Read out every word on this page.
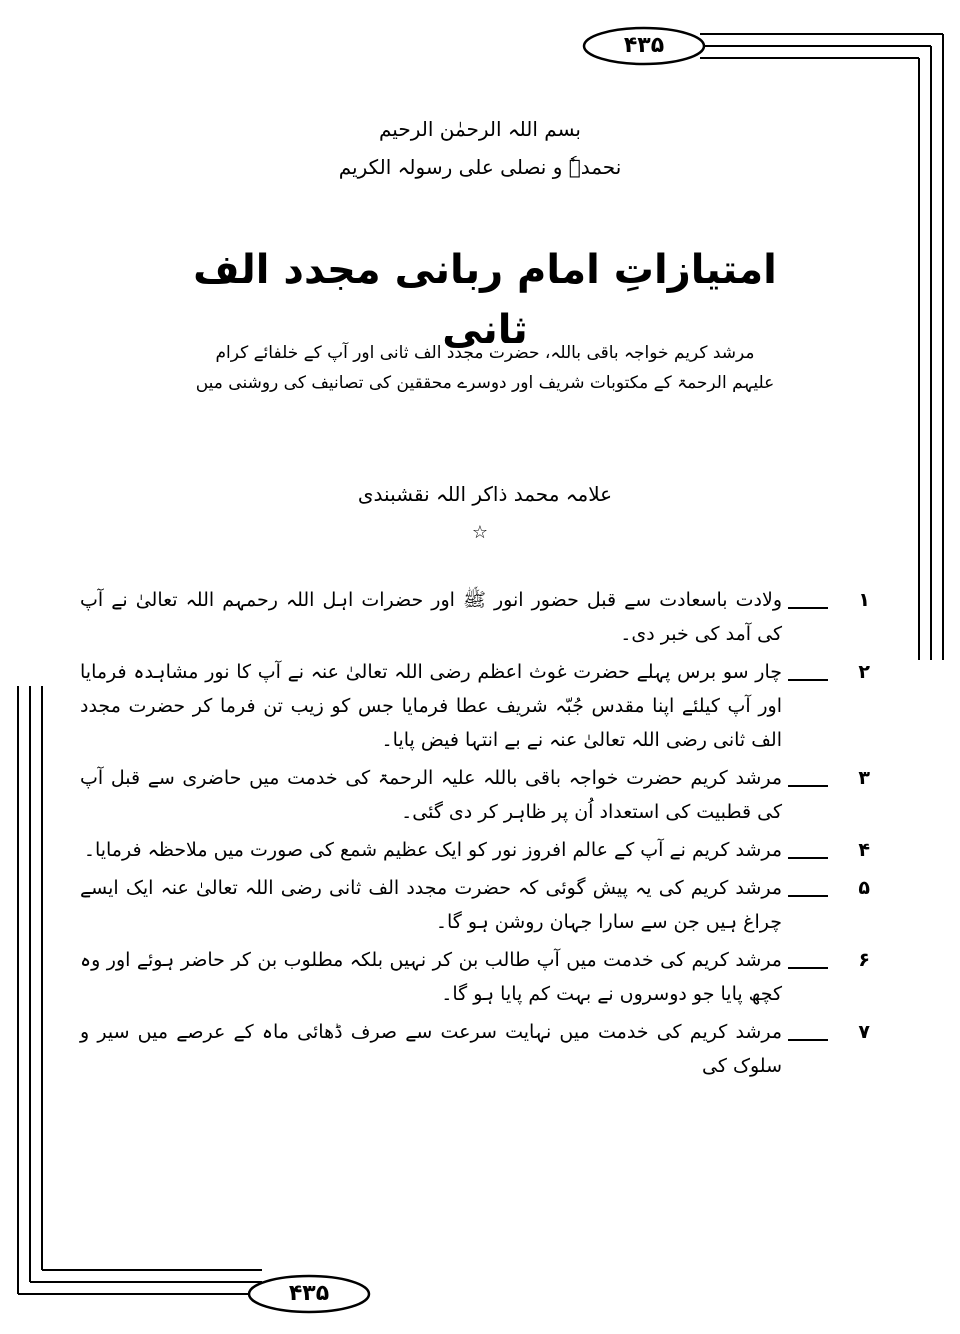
۴۳۵
۴۳۵
بسم اللہ الرحمٰن الرحیم
نحمدہٗ و نصلی علی رسولہ الکریم
امتیازاتِ امام ربانی مجدد الف ثانی
مرشد کریم خواجہ باقی باللہ، حضرت مجدد الف ثانی اور آپ کے خلفائے کرام
علیہم الرحمۃ کے مکتوبات شریف اور دوسرے محققین کی تصانیف کی روشنی میں
علامہ محمد ذاکر اللہ نقشبندی
☆
۱
ولادت باسعادت سے قبل حضور انور ﷺ اور حضرات اہل اللہ رحمہم اللہ تعالیٰ نے آپ کی آمد کی خبر دی۔
۲
چار سو برس پہلے حضرت غوث اعظم رضی اللہ تعالیٰ عنہ نے آپ کا نور مشاہدہ فرمایا اور آپ کیلئے اپنا مقدس جُبّہ شریف عطا فرمایا جس کو زیب تن فرما کر حضرت مجدد الف ثانی رضی اللہ تعالیٰ عنہ نے بے انتہا فیض پایا۔
۳
مرشد کریم حضرت خواجہ باقی باللہ علیہ الرحمۃ کی خدمت میں حاضری سے قبل آپ کی قطبیت کی استعداد اُن پر ظاہر کر دی گئی۔
۴
مرشد کریم نے آپ کے عالم افروز نور کو ایک عظیم شمع کی صورت میں ملاحظہ فرمایا۔
۵
مرشد کریم کی یہ پیش گوئی کہ حضرت مجدد الف ثانی رضی اللہ تعالیٰ عنہ ایک ایسے چراغ ہیں جن سے سارا جہان روشن ہو گا۔
۶
مرشد کریم کی خدمت میں آپ طالب بن کر نہیں بلکہ مطلوب بن کر حاضر ہوئے اور وہ کچھ پایا جو دوسروں نے بہت کم پایا ہو گا۔
۷
مرشد کریم کی خدمت میں نہایت سرعت سے صرف ڈھائی ماہ کے عرصے میں سیر و سلوک کی
